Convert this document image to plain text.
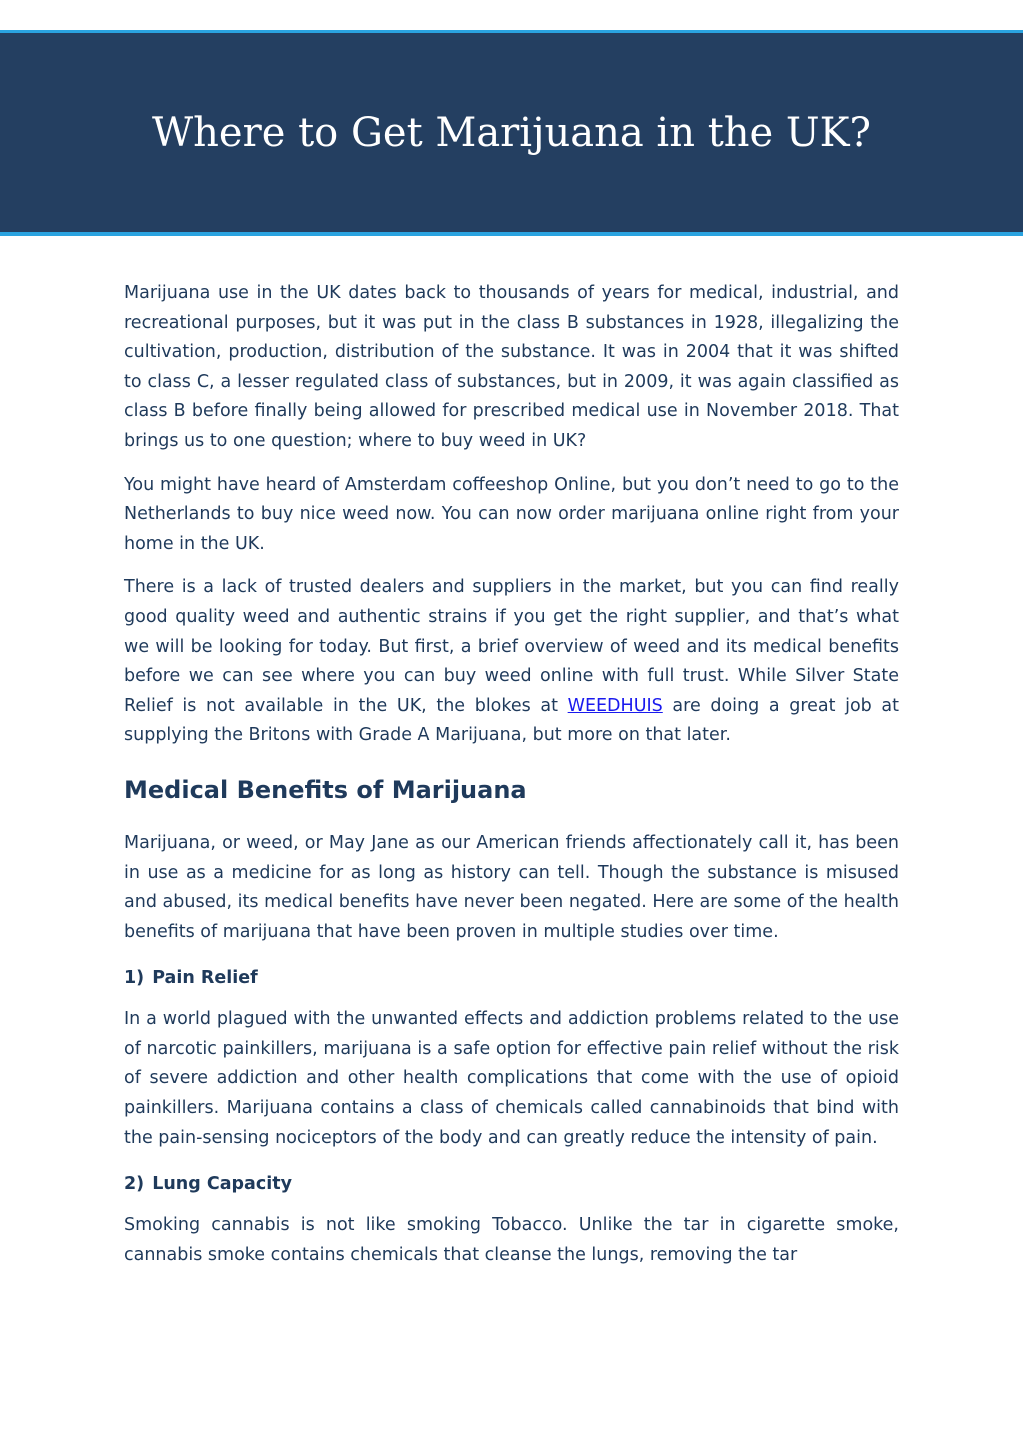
Where to Get Marijuana in the UK?

Marijuana use in the UK dates back to thousands of years for medical, industrial, and recreational purposes, but it was put in the class B substances in 1928, illegalizing the cultivation, production, distribution of the substance. It was in 2004 that it was shifted to class C, a lesser regulated class of substances, but in 2009, it was again classified as class B before finally being allowed for prescribed medical use in November 2018. That brings us to one question; where to buy weed in UK?

You might have heard of Amsterdam coffeeshop Online, but you don’t need to go to the Netherlands to buy nice weed now. You can now order marijuana online right from your home in the UK.

There is a lack of trusted dealers and suppliers in the market, but you can find really good quality weed and authentic strains if you get the right supplier, and that’s what we will be looking for today. But first, a brief overview of weed and its medical benefits before we can see where you can buy weed online with full trust. While Silver State Relief is not available in the UK, the blokes at WEEDHUIS are doing a great job at supplying the Britons with Grade A Marijuana, but more on that later.

Medical Benefits of Marijuana

Marijuana, or weed, or May Jane as our American friends affectionately call it, has been in use as a medicine for as long as history can tell. Though the substance is misused and abused, its medical benefits have never been negated. Here are some of the health benefits of marijuana that have been proven in multiple studies over time.

1) Pain Relief

In a world plagued with the unwanted effects and addiction problems related to the use of narcotic painkillers, marijuana is a safe option for effective pain relief without the risk of severe addiction and other health complications that come with the use of opioid painkillers. Marijuana contains a class of chemicals called cannabinoids that bind with the pain-sensing nociceptors of the body and can greatly reduce the intensity of pain.

2) Lung Capacity

Smoking cannabis is not like smoking Tobacco. Unlike the tar in cigarette smoke, cannabis smoke contains chemicals that cleanse the lungs, removing the tar
